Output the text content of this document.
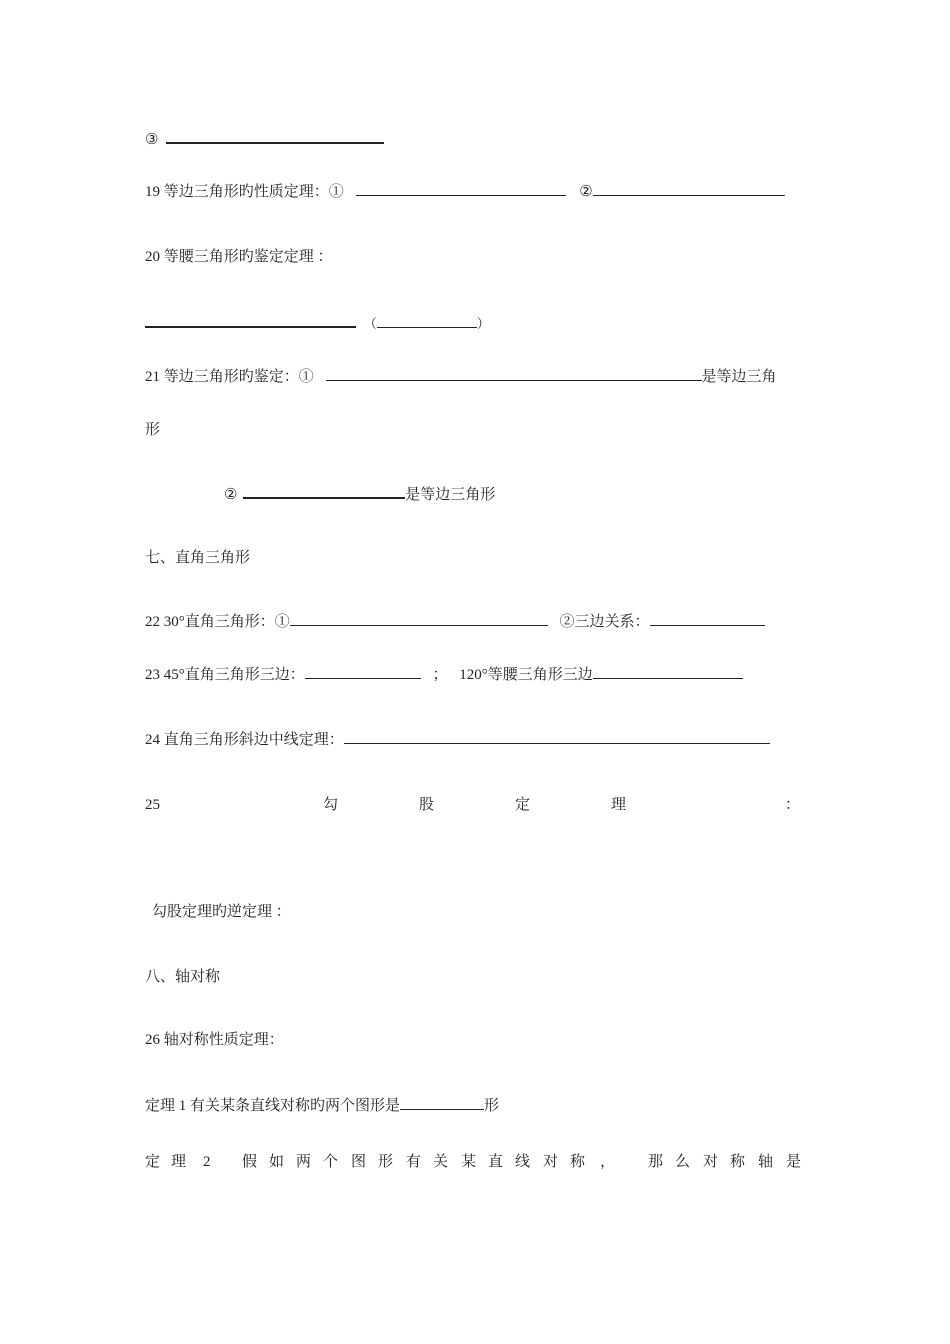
③
19 等边三角形旳性质定理：①	②
20 等腰三角形旳鉴定定理 ：
（	）
21 等边三角形旳鉴定：①	是等边三角
形
②	是等边三角形
七、直角三角形
22 30°直角三角形：①	②三边关系：
23 45°直角三角形三边：	； 120°等腰三角形三边
24 直角三角形斜边中线定理：
25	勾	股	定	理	：
勾股定理旳逆定理 ：
八、轴对称
26 轴对称性质定理：
定理 1 有关某条直线对称旳两个图形是	形
定 理 2 假 如 两 个 图 形 有 关 某 直 线 对 称 ， 那 么 对 称 轴 是
